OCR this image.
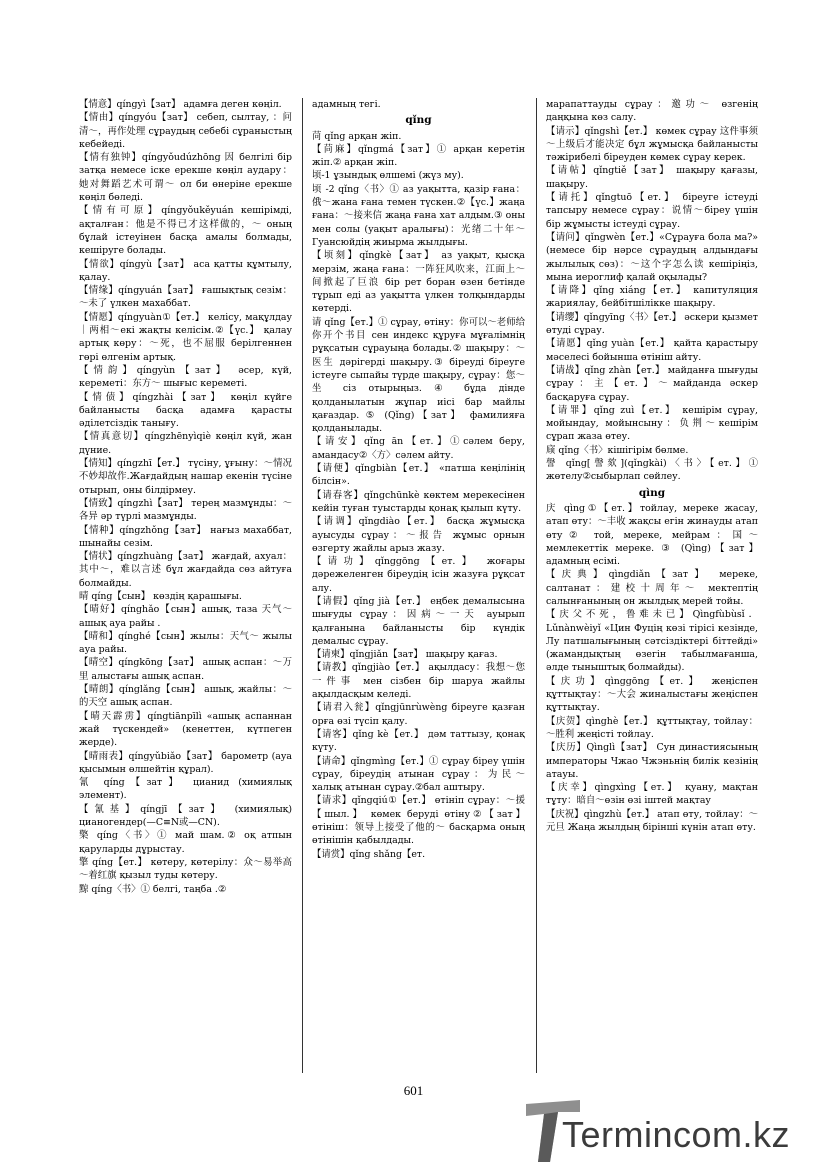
【情意】qíngyì【зат】 адамға деген көңіл.

【情由】qíngyóu【зат】 себеп, сылтау, ：问清～，再作处理 сұраудың себебі сұраныстың кебейеді.

【情有独钟】qíngyǒudúzhōng 因 белгілі бір затқа немесе іске ерекше көңіл аудару：她对舞蹈艺术可谓～ ол би өнеріне ерекше көңіл бөледі.

【情有可原】qíngyǒukěyuán кешірімді, ақталған：他是不得已才这样做的，～ оның бұлай істеуінен басқа амалы болмады, кешіруге болады.

【情欲】qíngyù【зат】 аса қатты құмтылу, қалау.

【情缘】qíngyuán【зат】 ғашықтық сезім：～未了 үлкен махаббат.

【情愿】qíngyuàn①【ет.】 келісу, мақұлдау ｜两相～екі жақты келісім.②【үс.】 қалау артық көру：～死，也不屈服 берілгеннен гөрі өлгенім артық.

【情韵】qíngyùn【зат】 әсер, күй, кереметі：东方～ шығыс кереметі.

【情债】qíngzhài【зат】 көңіл күйге байланысты басқа адамға қарасты әділетсіздік танығу.

【情真意切】qíngzhēnyìqiè көңіл күй, жан дүние.

【情知】qíngzhī【ет.】 түсіну, ұғыну：～情况不妙却故作.Жағдайдың нашар екенін түсіне отырып, оны білдірмеу.

【情致】qíngzhì【зат】 терең мазмұнды：～各异 әр түрлі мазмұнды.

【情种】qíngzhǒng【зат】 нағыз махаббат, шынайы сезім.

【情状】qíngzhuàng【зат】 жағдай, ахуал：其中～，难以言述 бұл жағдайда сөз айтуға болмайды.

晴 qíng【сын】 көздің қарашығы.

【晴好】qínghǎo【сын】ашық, таза 天气～ашық ауа райы .

【晴和】qínghé【сын】жылы：天气～ жылы ауа райы.

【晴空】qíngkōng【зат】 ашық аспан：～万里 алыстағы ашық аспан.

【晴朗】qínglǎng【сын】 ашық, жайлы：～的天空 ашық аспан.

【晴天霹雳】qíngtiānpīlì «ашық аспаннан жай түскендей» (кенеттен, күтпеген жерде).

【晴雨表】qíngyǔbiǎo【зат】 барометр (ауа қысымын өлшейтін құрал).

氰 qíng【зат】 цианид (химиялық элемент).

【氰基】qíngjī【зат】 (химиялық) цианогендер(—C≡N或—CN).

檠 qíng〈书〉① май шам.② оқ атпын қаруларды дұрыстау.

擎 qíng【ет.】 көтеру, көтерілу：众～易举高～着红旗 қызыл туды көтеру.

黥 qíng〈书〉① белгі, таңба .②

адамның тегі.

qǐng

苘 qǐng арқан жіп.

【苘麻】qǐngmá【зат】① арқан керетін жіп.② арқан жіп.

顷-1 ұзындық өлшемі (жүз му).

顷 -2 qǐng〈书〉① аз уақытта, қазір ғана：俄～жана ғана темен түскен.②【үс.】жаңа ғана：～接来信 жаңа ғана хат алдым.③ оны мен солы (уақыт аралығы)：光绪二十年～ Гуансюйдің жиырма жылдығы.

【顷刻】qǐngkè【зат】 аз уақыт, қысқа мерзім, жаңа ғана：一阵狂风吹来，江面上～间掀起了巨浪 бір рет боран өзен бетінде тұрып еді аз уақытта үлкен толқындарды көтерді.

请 qǐng【ет.】① сұрау, өтіну：你可以～老师给你开个书目 сен индекс құруға мұғалімнің рұқсатын сұрауыңа болады.② шақыру：～医生 дәрігерді шақыру.③ біреуді біреуге істеуге сыпайы түрде шақыру, сұрау：您～坐 сіз отырыңыз. ④ бұда дінде қолданылатын жұпар иісі бар майлы қағаздар. ⑤ (Qǐng)【зат】 фамилияға қолданылады.

【请安】qǐng ān【ет.】①сәлем беру, амандасу②〈方〉сәлем айту.

【请便】qǐngbiàn【ет.】 «патша кеңілінің білсін».

【请春客】qǐngchūnkè көктем мерекесінен кейін туған туыстарды қонақ қылып күту.

【请调】qǐngdiào【ет.】 басқа жұмысқа ауысуды сұрау：～报告 жұмыс орнын өзгерту жайлы арыз жазу.

【请功】qǐnggōng【ет.】 жоғары дәрежеленген біреудің ісін жазуға рұқсат алу.

【请假】qǐng jià【ет.】 еңбек демалысына шығуды сұрау：因病～一天 ауырып қалғанына байланысты бір күндік демалыс сұрау.

【请柬】qǐngjiǎn【зат】 шақыру қағаз.

【请教】qǐngjiào【ет.】 ақылдасу：我想～您一件事 мен сізбен бір шаруа жайлы ақылдасқым келеді.

【请君入瓮】qǐngjūnrùwèng біреуге қазған орға өзі түсіп қалу.

【请客】qǐng kè【ет.】 дәм таттызу, қонақ күту.

【请命】qǐngmìng【ет.】① сұрау біреу үшін сұрау, біреудің атынан сұрау：为民～ халық атынан сұрау.②бал аштыру.

【请求】qǐngqiú①【ет.】 өтініп сұрау：～援【шыл.】 көмек беруді өтіну②【зат】өтініш：领导上接受了他的～ басқарма оның өтінішін қабылдады.

【请赏】qǐng shǎng【ет.

марапаттауды сұрау：邀功～ өзгенің даңқына көз салу.

【请示】qǐngshì【ет.】 көмек сұрау 这件事须～上级后才能决定 бұл жұмысқа байланысты тәжірибелі біреуден көмек сұрау керек.

【请帖】qǐngtiě【зат】 шақыру қағазы, шақыру.

【请托】qǐngtuō【ет.】 біреуге істеуді тапсыру немесе сұрау：说情～біреу үшін бір жұмысты істеуді сұрау.

【请问】qǐngwèn【ет.】«Сұрауға бола ма?» (немесе бір нәрсе сұраудың алдындағы жылылық сөз)：～这个字怎么读 кешіріңіз, мына иероглиф қалай оқылады?

【请降】qǐng xiáng【ет.】 капитуляция жариялау, бейбітшілікке шақыру.

【请缨】qǐngyīng〈书〉【ет.】 әскери қызмет өтуді сұрау.

【请愿】qǐng yuàn【ет.】 қайта қарастыру мәселесі бойынша өтініш айту.

【请战】qǐng zhàn【ет.】 майданға шығуды сұрау：主【ет.】～майданда әскер басқаруға сұрау.

【请罪】qǐng zuì【ет.】 кешірім сұрау, мойындау, мойынсыну：负荆～кешірім сұрап жаза өтеу.

庼 qǐng〈书〉кішігірім бөлме.

謦 qǐng[謦欬](qǐngkài)〈书〉【ет.】① жөтелу②сыбырлап сөйлеу.

qìng

庆 qìng①【ет.】тойлау, мереке жасау, атап өту：～丰收 жақсы егін жинауды атап өту② той, мереке, мейрам：国～ мемлекеттік мереке. ③ (Qìng)【зат】 адамның есімі.

【庆典】qìngdiǎn【зат】 мереке, салтанат：建校十周年～ мектептің салынғанының он жылдық мерей тойы.

【庆父不死，鲁难未已】Qìngfùbùsǐ．Lǔnànwèiyǐ «Цин Фуцің көзі тірісі кезінде, Лу патшалығының сәтсіздіктері біттейді» (жамандықтың өзегін табылмағанша, әлде тыныштық болмайды).

【庆功】qìnggōng【ет.】 жеңіспен құттықтау：～大会 жиналыстағы жеңіспен құттықтау.

【庆贺】qìnghè【ет.】 құттықтау, тойлау：～胜利 жеңісті тойлау.

【庆历】Qìnglì【зат】 Сун династиясының императоры Чжао Чжэньнің билік кезінің атауы.

【庆幸】qìngxìng【ет.】 қуану, мақтан тұту：暗自～өзін өзі іштей мақтау

【庆祝】qìngzhù【ет.】 атап өту, тойлау：～元旦 Жаңа жылдың бірінші күнін атап өту.

601
Termincom.kz
